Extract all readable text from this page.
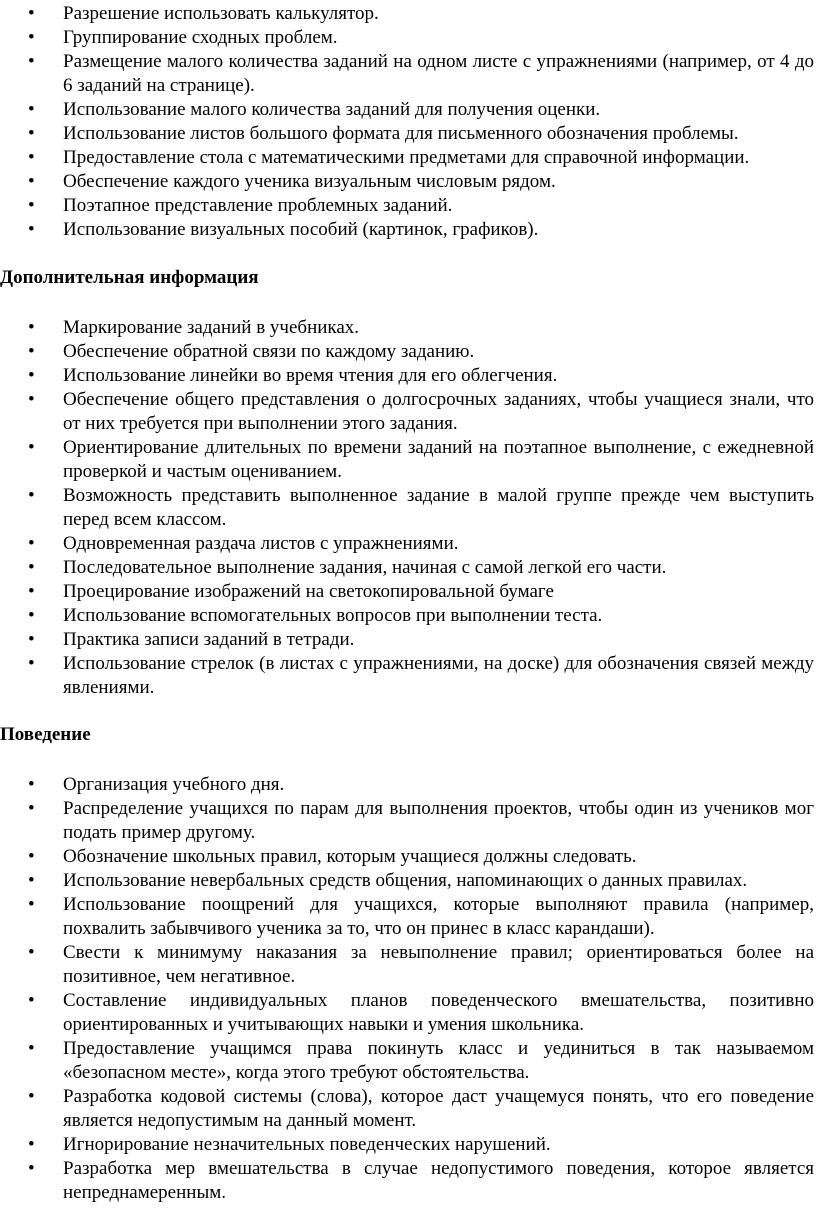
• Разрешение использовать калькулятор.
• Группирование сходных проблем.
• Размещение малого количества заданий на одном листе с упражнениями (например, от 4 до 6 заданий на странице).
• Использование малого количества заданий для получения оценки.
• Использование листов большого формата для письменного обозначения проблемы.
• Предоставление стола с математическими предметами для справочной информации.
• Обеспечение каждого ученика визуальным числовым рядом.
• Поэтапное представление проблемных заданий.
• Использование визуальных пособий (картинок, графиков).

Дополнительная информация

• Маркирование заданий в учебниках.
• Обеспечение обратной связи по каждому заданию.
• Использование линейки во время чтения для его облегчения.
• Обеспечение общего представления о долгосрочных заданиях, чтобы учащиеся знали, что от них требуется при выполнении этого задания.
• Ориентирование длительных по времени заданий на поэтапное выполнение, с ежедневной проверкой и частым оцениванием.
• Возможность представить выполненное задание в малой группе прежде чем выступить перед всем классом.
• Одновременная раздача листов с упражнениями.
• Последовательное выполнение задания, начиная с самой легкой его части.
• Проецирование изображений на светокопировальной бумаге
• Использование вспомогательных вопросов при выполнении теста.
• Практика записи заданий в тетради.
• Использование стрелок (в листах с упражнениями, на доске) для обозначения связей между явлениями.

Поведение

• Организация учебного дня.
• Распределение учащихся по парам для выполнения проектов, чтобы один из учеников мог подать пример другому.
• Обозначение школьных правил, которым учащиеся должны следовать.
• Использование невербальных средств общения, напоминающих о данных правилах.
• Использование поощрений для учащихся, которые выполняют правила (например, похвалить забывчивого ученика за то, что он принес в класс карандаши).
• Свести к минимуму наказания за невыполнение правил; ориентироваться более на позитивное, чем негативное.
• Составление индивидуальных планов поведенческого вмешательства, позитивно ориентированных и учитывающих навыки и умения школьника.
• Предоставление учащимся права покинуть класс и уединиться в так называемом «безопасном месте», когда этого требуют обстоятельства.
• Разработка кодовой системы (слова), которое даст учащемуся понять, что его поведение является недопустимым на данный момент.
• Игнорирование незначительных поведенческих нарушений.
• Разработка мер вмешательства в случае недопустимого поведения, которое является непреднамеренным.
